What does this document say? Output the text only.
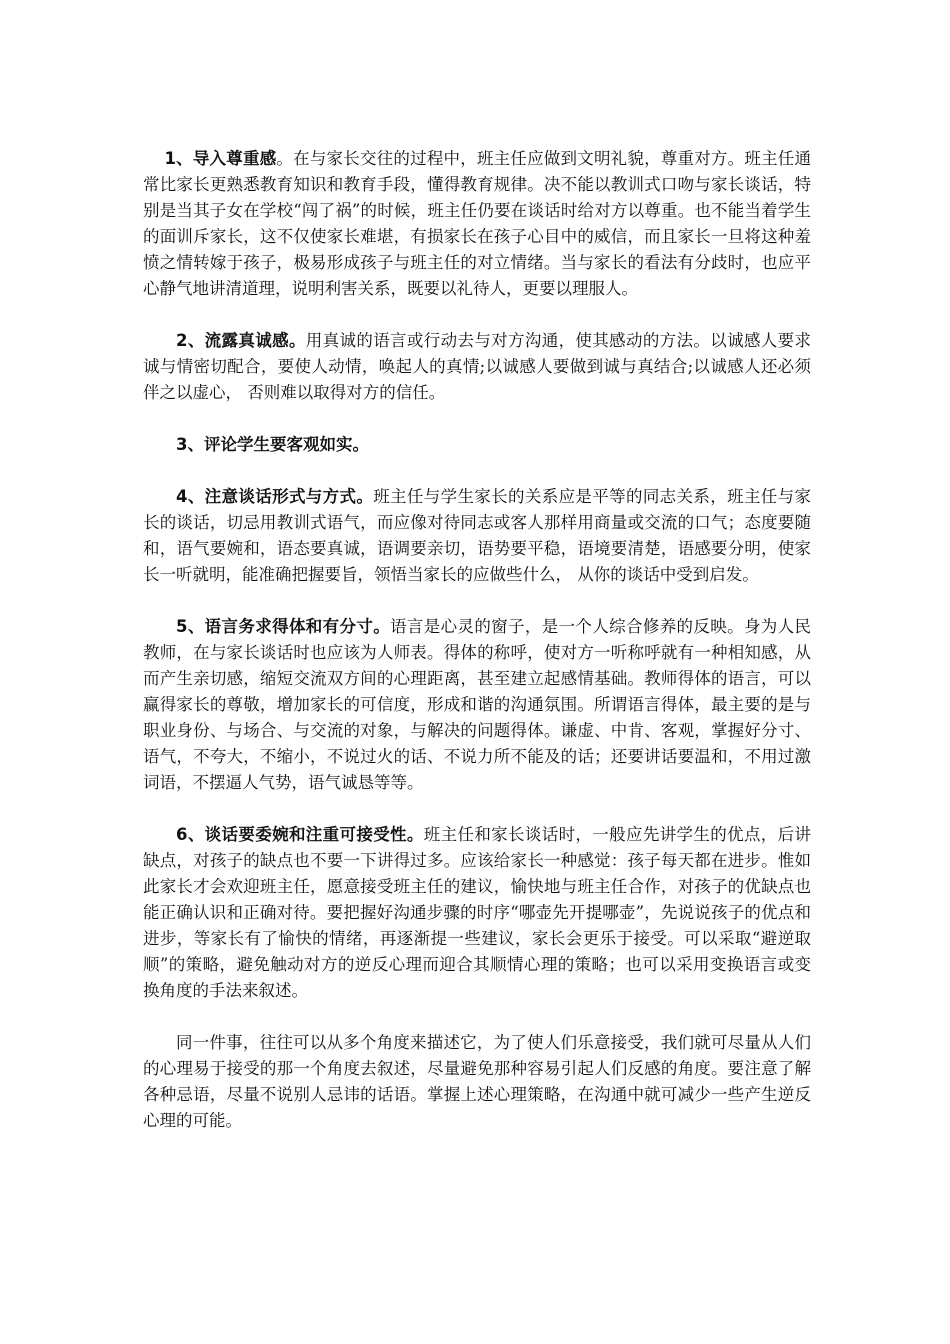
1、导入尊重感。在与家长交往的过程中，班主任应做到文明礼貌，尊重对方。班主任通常比家长更熟悉教育知识和教育手段，懂得教育规律。决不能以教训式口吻与家长谈话，特别是当其子女在学校“闯了祸”的时候，班主任仍要在谈话时给对方以尊重。也不能当着学生的面训斥家长，这不仅使家长难堪，有损家长在孩子心目中的威信，而且家长一旦将这种羞愤之情转嫁于孩子，极易形成孩子与班主任的对立情绪。当与家长的看法有分歧时，也应平心静气地讲清道理，说明利害关系，既要以礼待人，更要以理服人。

2、流露真诚感。用真诚的语言或行动去与对方沟通，使其感动的方法。以诚感人要求诚与情密切配合，要使人动情，唤起人的真情;以诚感人要做到诚与真结合;以诚感人还必须伴之以虚心， 否则难以取得对方的信任。

3、评论学生要客观如实。

4、注意谈话形式与方式。班主任与学生家长的关系应是平等的同志关系，班主任与家长的谈话，切忌用教训式语气，而应像对待同志或客人那样用商量或交流的口气；态度要随和，语气要婉和，语态要真诚，语调要亲切，语势要平稳，语境要清楚，语感要分明，使家长一听就明，能准确把握要旨，领悟当家长的应做些什么， 从你的谈话中受到启发。

5、语言务求得体和有分寸。语言是心灵的窗子，是一个人综合修养的反映。身为人民教师，在与家长谈话时也应该为人师表。得体的称呼，使对方一听称呼就有一种相知感，从而产生亲切感，缩短交流双方间的心理距离，甚至建立起感情基础。教师得体的语言，可以赢得家长的尊敬，增加家长的可信度，形成和谐的沟通氛围。所谓语言得体，最主要的是与职业身份、与场合、与交流的对象，与解决的问题得体。谦虚、中肯、客观，掌握好分寸、语气，不夸大，不缩小，不说过火的话、不说力所不能及的话；还要讲话要温和，不用过激词语，不摆逼人气势，语气诚恳等等。

6、谈话要委婉和注重可接受性。班主任和家长谈话时，一般应先讲学生的优点，后讲缺点，对孩子的缺点也不要一下讲得过多。应该给家长一种感觉：孩子每天都在进步。惟如此家长才会欢迎班主任，愿意接受班主任的建议，愉快地与班主任合作，对孩子的优缺点也能正确认识和正确对待。要把握好沟通步骤的时序“哪壶先开提哪壶”，先说说孩子的优点和进步，等家长有了愉快的情绪，再逐渐提一些建议，家长会更乐于接受。可以采取“避逆取顺”的策略，避免触动对方的逆反心理而迎合其顺情心理的策略；也可以采用变换语言或变换角度的手法来叙述。

同一件事，往往可以从多个角度来描述它，为了使人们乐意接受，我们就可尽量从人们的心理易于接受的那一个角度去叙述，尽量避免那种容易引起人们反感的角度。要注意了解各种忌语，尽量不说别人忌讳的话语。掌握上述心理策略，在沟通中就可减少一些产生逆反心理的可能。
